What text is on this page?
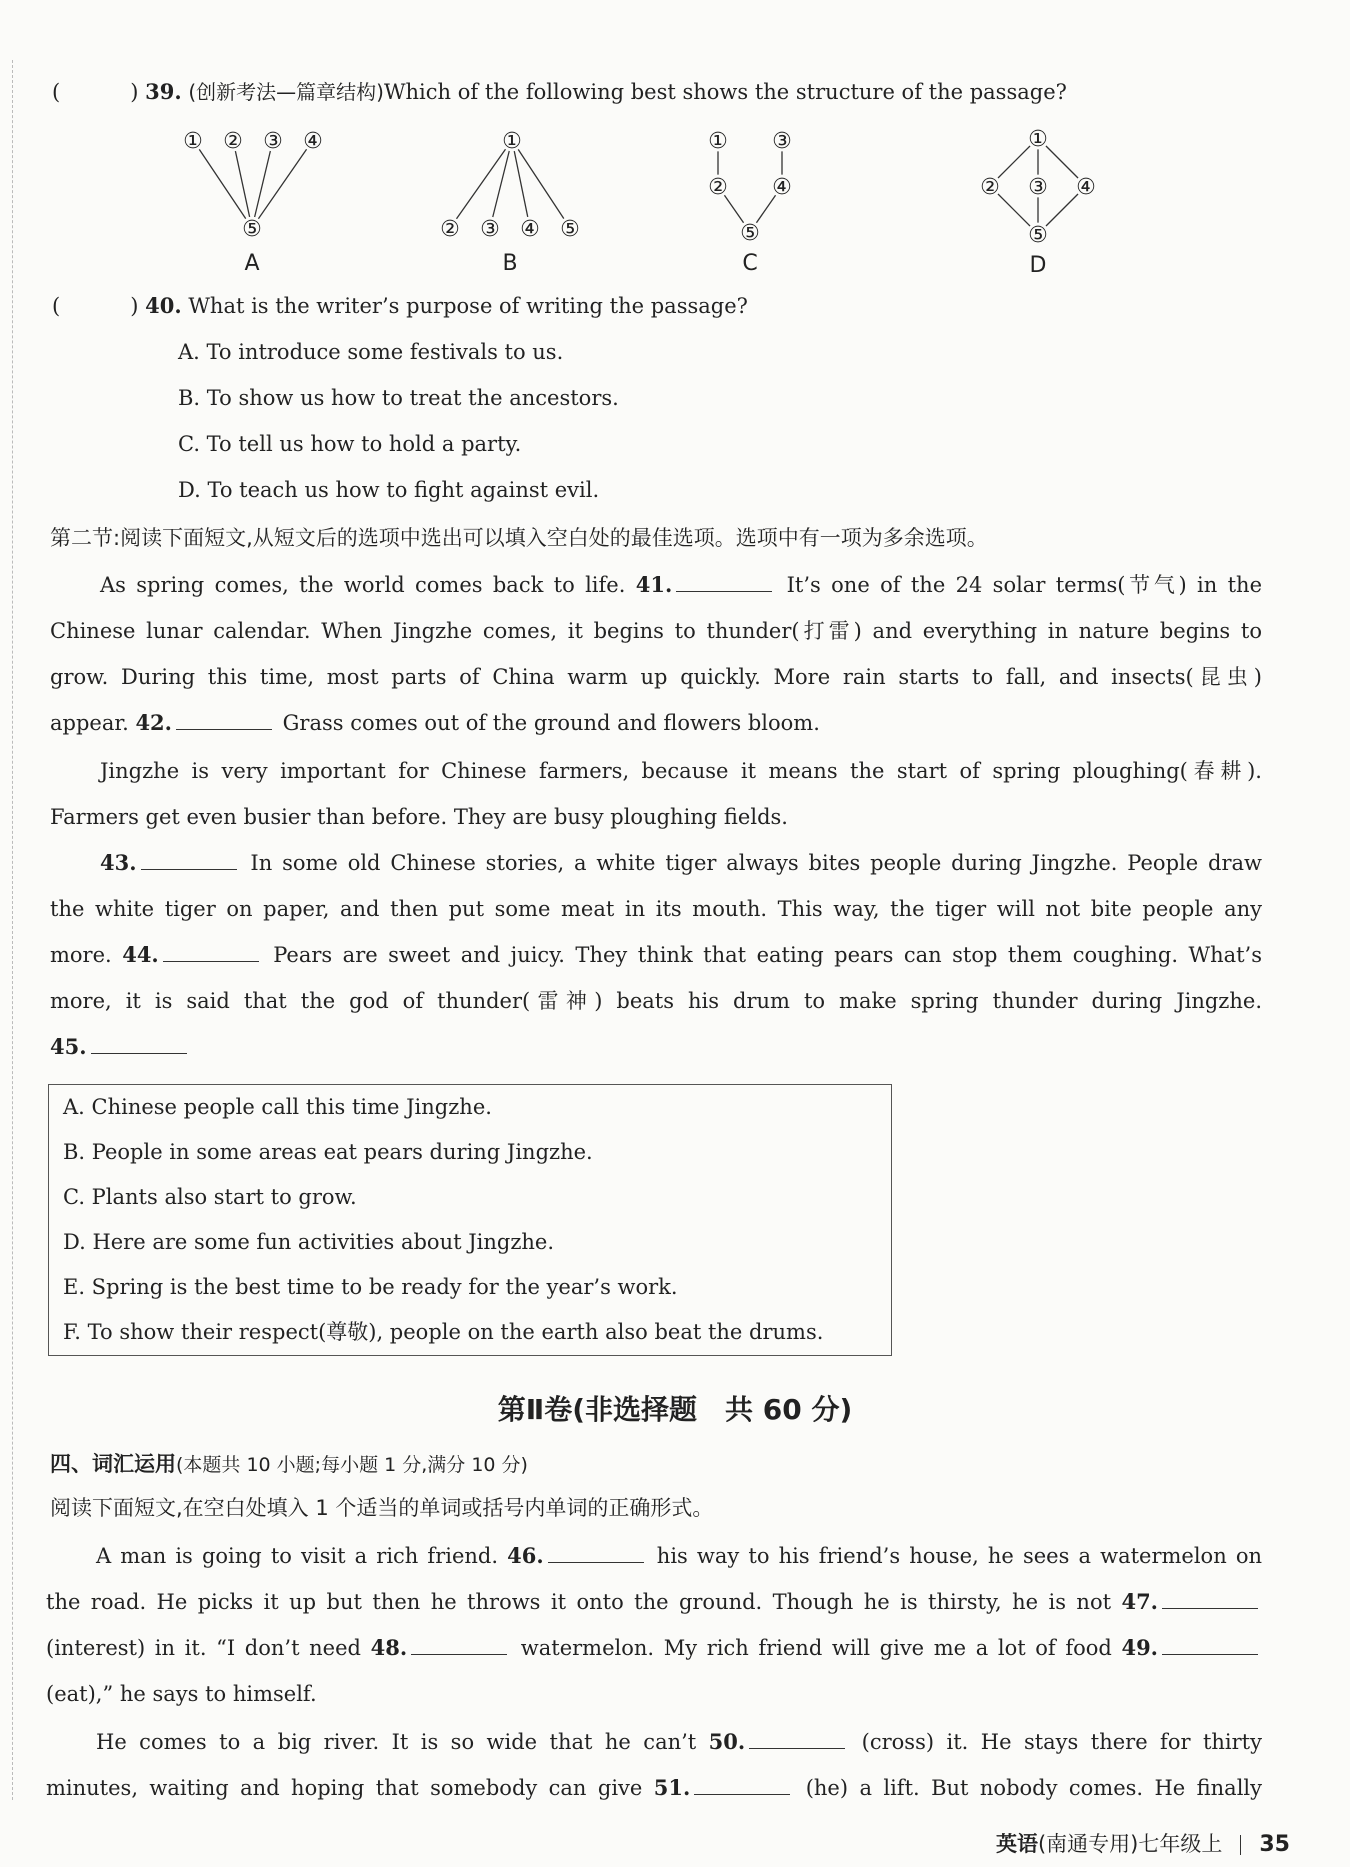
(	) 39. (创新考法—篇章结构)Which of the following best shows the structure of the passage?
① ② ③ ④
⑤
①
② ③ ④ ⑤
① ③
② ④
⑤
①
② ③ ④
⑤
A	B	C	D
(	) 40. What is the writer’s purpose of writing the passage?
A. To introduce some festivals to us.
B. To show us how to treat the ancestors.
C. To tell us how to hold a party.
D. To teach us how to fight against evil.
第二节:阅读下面短文,从短文后的选项中选出可以填入空白处的最佳选项。选项中有一项为多余选项。
As spring comes, the world comes back to life. 41.	It’s one of the 24 solar terms(节气) in the
Chinese lunar calendar. When Jingzhe comes, it begins to thunder(打雷) and everything in nature begins to
grow. During this time, most parts of China warm up quickly. More rain starts to fall, and insects(昆虫)
appear. 42.	Grass comes out of the ground and flowers bloom.
Jingzhe is very important for Chinese farmers, because it means the start of spring ploughing(春耕).
Farmers get even busier than before. They are busy ploughing fields.
43.	In some old Chinese stories, a white tiger always bites people during Jingzhe. People draw
the white tiger on paper, and then put some meat in its mouth. This way, the tiger will not bite people any
more. 44.	Pears are sweet and juicy. They think that eating pears can stop them coughing. What’s
more, it is said that the god of thunder(雷神) beats his drum to make spring thunder during Jingzhe.
45.
A. Chinese people call this time Jingzhe.
B. People in some areas eat pears during Jingzhe.
C. Plants also start to grow.
D. Here are some fun activities about Jingzhe.
E. Spring is the best time to be ready for the year’s work.
F. To show their respect(尊敬), people on the earth also beat the drums.
第Ⅱ卷(非选择题　共 60 分)
四、词汇运用(本题共 10 小题;每小题 1 分,满分 10 分)
阅读下面短文,在空白处填入 1 个适当的单词或括号内单词的正确形式。
A man is going to visit a rich friend. 46.	his way to his friend’s house, he sees a watermelon on
the road. He picks it up but then he throws it onto the ground. Though he is thirsty, he is not 47.
(interest) in it. “I don’t need 48.	watermelon. My rich friend will give me a lot of food 49.
(eat),” he says to himself.
He comes to a big river. It is so wide that he can’t 50.	(cross) it. He stays there for thirty
minutes, waiting and hoping that somebody can give 51.	(he) a lift. But nobody comes. He finally
英语(南通专用)七年级上 35
